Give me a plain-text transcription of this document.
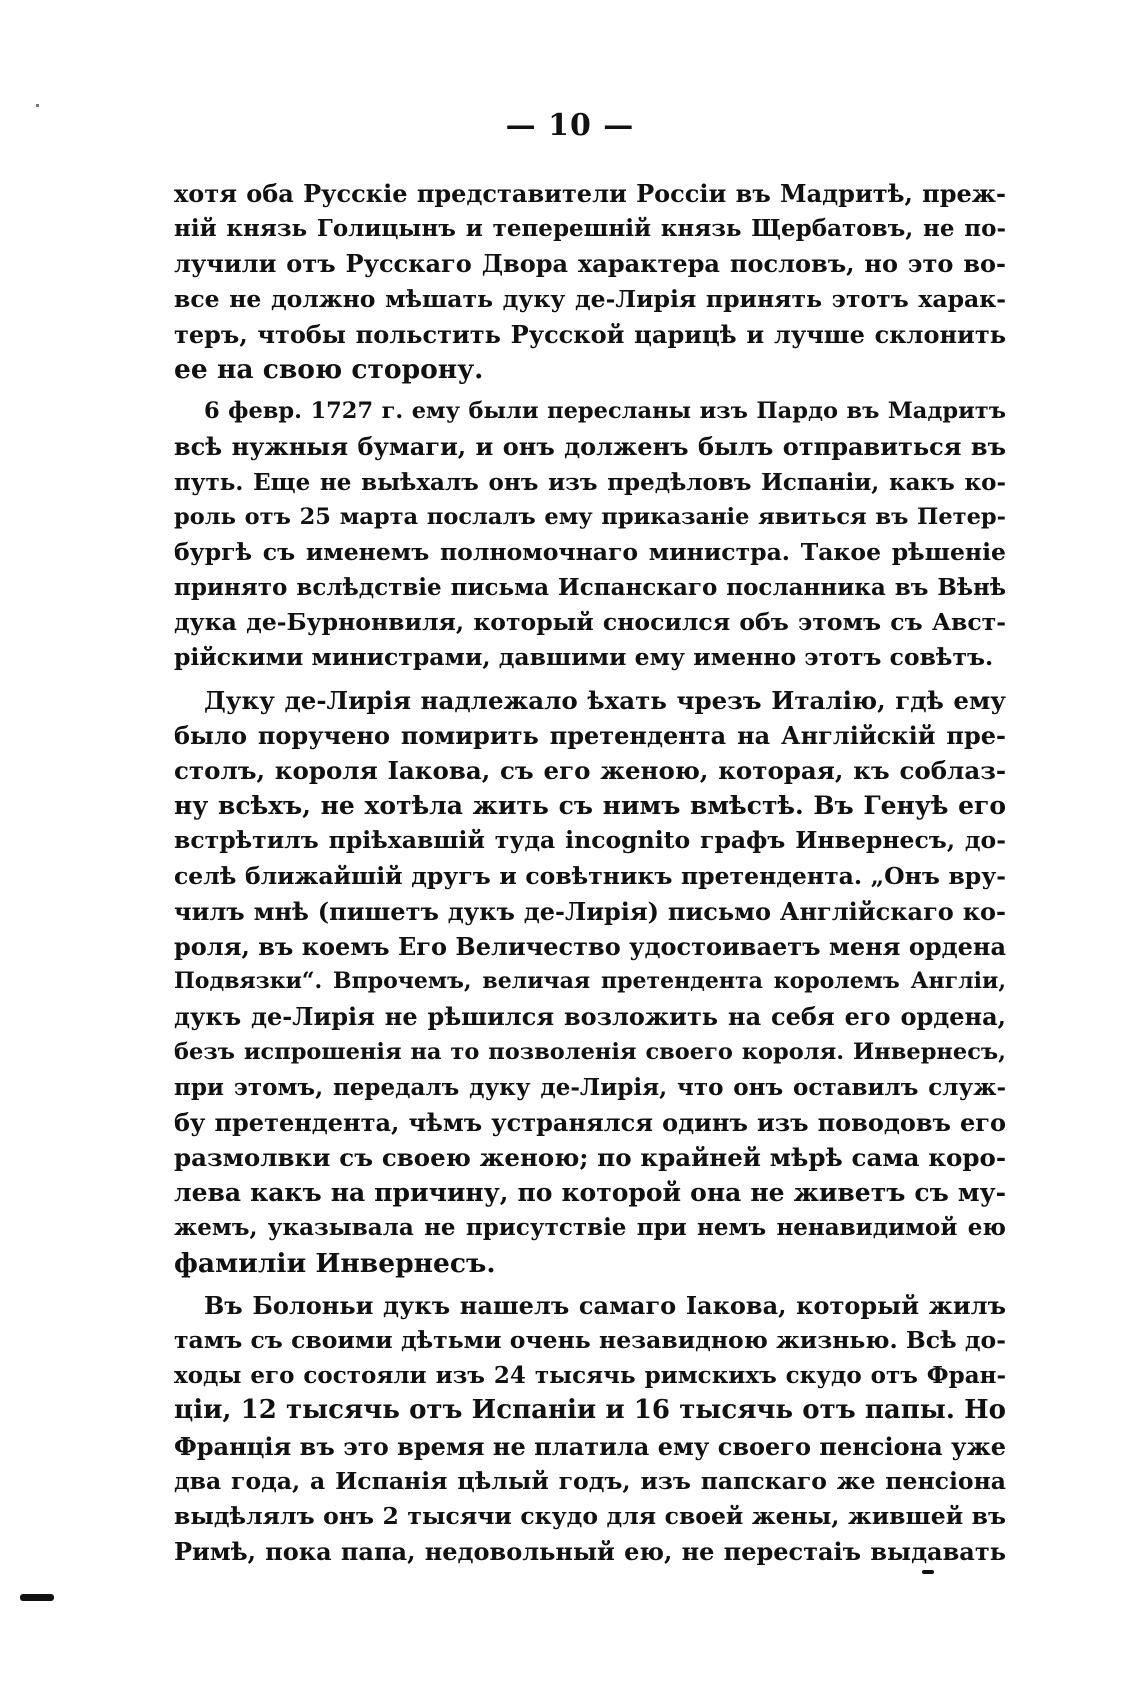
— 10 —
хотя оба Русскіе представители Россіи въ Мадритѣ, преж-
ній князь Голицынъ и теперешній князь Щербатовъ, не по-
лучили отъ Русскаго Двора характера пословъ, но это во-
все не должно мѣшать дуку де-Лирія принять этотъ харак-
теръ, чтобы польстить Русской царицѣ и лучше склонить
ее на свою сторону.
6 февр. 1727 г. ему были пересланы изъ Пардо въ Мадритъ
всѣ нужныя бумаги, и онъ долженъ былъ отправиться въ
путь. Еще не выѣхалъ онъ изъ предѣловъ Испаніи, какъ ко-
роль отъ 25 марта послалъ ему приказаніе явиться въ Петер-
бургѣ съ именемъ полномочнаго министра. Такое рѣшеніе
принято вслѣдствіе письма Испанскаго посланника въ Вѣнѣ
дука де-Бурнонвиля, который сносился объ этомъ съ Авст-
рійскими министрами, давшими ему именно этотъ совѣтъ.
Дуку де-Лирія надлежало ѣхать чрезъ Италію, гдѣ ему
было поручено помирить претендента на Англійскій пре-
столъ, короля Іакова, съ его женою, которая, къ соблаз-
ну всѣхъ, не хотѣла жить съ нимъ вмѣстѣ. Въ Генуѣ его
встрѣтилъ пріѣхавшій туда incognito графъ Инвернесъ, до-
селѣ ближайшій другъ и совѣтникъ претендента. „Онъ вру-
чилъ мнѣ (пишетъ дукъ де-Лирія) письмо Англійскаго ко-
роля, въ коемъ Его Величество удостоиваетъ меня ордена
Подвязки“. Впрочемъ, величая претендента королемъ Англіи,
дукъ де-Лирія не рѣшился возложить на себя его ордена,
безъ испрошенія на то позволенія своего короля. Инвернесъ,
при этомъ, передалъ дуку де-Лирія, что онъ оставилъ служ-
бу претендента, чѣмъ устранялся одинъ изъ поводовъ его
размолвки съ своею женою; по крайней мѣрѣ сама коро-
лева какъ на причину, по которой она не живетъ съ му-
жемъ, указывала не присутствіе при немъ ненавидимой ею
фамиліи Инвернесъ.
Въ Болоньи дукъ нашелъ самаго Іакова, который жилъ
тамъ съ своими дѣтьми очень незавидною жизнью. Всѣ до-
ходы его состояли изъ 24 тысячь римскихъ скудо отъ Фран-
ціи, 12 тысячь отъ Испаніи и 16 тысячь отъ папы. Но
Франція въ это время не платила ему своего пенсіона уже
два года, а Испанія цѣлый годъ, изъ папскаго же пенсіона
выдѣлялъ онъ 2 тысячи скудо для своей жены, жившей въ
Римѣ, пока папа, недовольный ею, не перестаіъ выдавать
